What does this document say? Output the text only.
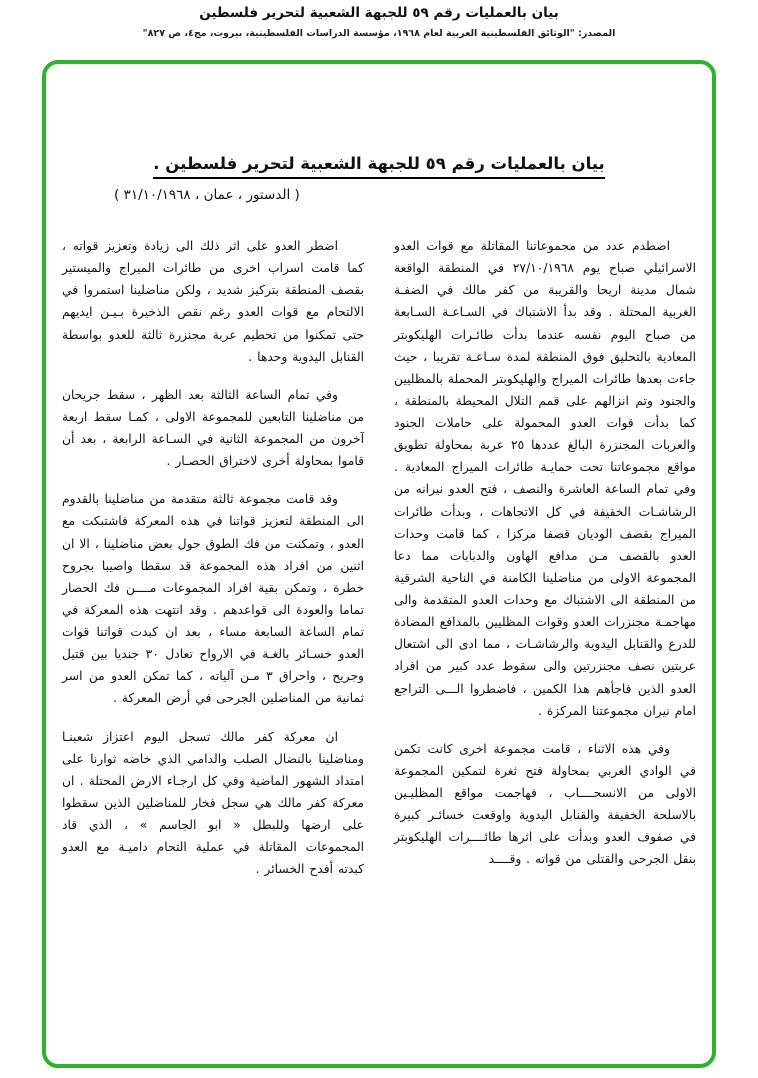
بيان بالعمليات رقم ٥٩ للجبهة الشعبية لتحرير فلسطين
المصدر: "الوثائق الفلسطينية العربية لعام ١٩٦٨، مؤسسة الدراسات الفلسطينية، بيروت، مج٤، ص ٨٢٧"
بيان بالعمليات رقم ٥٩ للجبهة الشعبية لتحرير فلسطين .
( الدستور ، عمان ، ٣١/١٠/١٩٦٨ )

اصطدم عدد من مجموعاتنا المقاتلة مع قوات العدو الاسرائيلي صباح يوم ٢٧/١٠/١٩٦٨ في المنطقة الواقعة شمال مدينة اريحا والقريبة من كفر مالك في الضفـة الغربية المحتلة . وقد بدأ الاشتباك في السـاعـة السـابعة من صباح اليوم نفسه عندما بدأت طائـرات الهليكوبتر المعادية بالتحليق فوق المنطقة لمدة سـاعـة تقريبا ، حيث جاءت بعدها طائرات الميراج والهليكوبتر المحملة بالمظليين والجنود وتم انزالهم على قمم التلال المحيطة بالمنطقة ، كما بدأت قوات العدو المحمولة على حاملات الجنود والعربات المجنزرة البالغ عددها ٢٥ عربة بمحاولة تطويق مواقع مجموعاتنا تحت حمايـة طائرات الميراج المعادية . وفي تمام الساعة العاشرة والنصف ، فتح العدو نيرانه من الرشاشـات الخفيفة في كل الاتجاهات ، وبدأت طائرات الميراج بقصف الوديان قصفا مركزا ، كما قامت وحدات العدو بالقصف مـن مدافع الهاون والدبابات مما دعا المجموعة الاولى من مناضلينا الكامنة في الناحية الشرقية من المنطقة الى الاشتباك مع وحدات العدو المتقدمة والى مهاجمـة مجنزرات العدو وقوات المظليين بالمدافع المضادة للدرع والقنابل اليدوية والرشاشـات ، مما ادى الى اشتعال عربتين نصف مجنزرتين والى سقوط عدد كبير من افراد العدو الذين فاجأهم هذا الكمين ، فاضطروا الـــى التراجع امام نيران مجموعتنا المركزة .

وفي هذه الاثناء ، قامت مجموعة اخرى كانت تكمن في الوادي الغربي بمحاولة فتح ثغرة لتمكين المجموعة الاولى من الانسحــــاب ، فهاجمت مواقع المظليـين بالاسلحة الخفيفة والقنابل اليدوية واوقعت خسائـر كبيرة في صفوف العدو وبدأت على اثرها طائــــرات الهليكوبتر بنقل الجرحى والقتلى من قواته . وقــــد

اضطر العدو على اثر ذلك الى زيادة وتعزيز قواته ، كما قامت اسراب اخرى من طائرات الميراج والميستير بقصف المنطقة بتركيز شديد ، ولكن مناضلينا استمروا في الالتحام مع قوات العدو رغم نقص الذخيرة بـيـن ايديهم حتى تمكنوا من تحطيم عربة مجنزرة ثالثة للعدو بواسطة القنابل اليدوية وحدها .

وفي تمام الساعة الثالثة بعد الظهر ، سقط جريحان من مناضلينا التابعين للمجموعة الاولى ، كمـا سقط اربعة آخرون من المجموعة الثانية في السـاعة الرابعة ، بعد أن قاموا بمحاولة أخرى لاختراق الحصـار .

وقد قامت مجموعة ثالثة متقدمة من مناضلينا بالقدوم الى المنطقة لتعزيز قواتنا في هذه المعركة فاشتبكت مع العدو ، وتمكنت من فك الطوق حول بعض مناضلينا ، الا ان اثنين من افراد هذه المجموعة قد سقطا واصيبا بجروح خطرة ، وتمكن بقية افراد المجموعات مــــن فك الحصار تماما والعودة الى قواعدهم . وقد انتهت هذه المعركة في تمام الساعة السابعة مساء ، بعد ان كبدت قواتنا قوات العدو خسـائر بالغـة في الارواح تعادل ٣٠ جنديا بين قتيل وجريح ، واحراق ٣ مـن آلياته ، كما تمكن العدو من اسر ثمانية من المناضلين الجرحى في أرض المعركة .

ان معركة كفر مالك تسجل اليوم اعتزاز شعبنـا ومناضلينا بالنضال الصلب والدامي الذي خاضه ثوارنا على امتداد الشهور الماضية وفي كل ارجـاء الارض المحتلة . ان معركة كفر مالك هي سجل فخار للمناضلين الذين سقطوا على ارضها وللبطل « ابو الجاسم » ، الذي قاد المجموعات المقاتلة في عملية التحام داميـة مع العدو كبدته أفدح الخسائر .
